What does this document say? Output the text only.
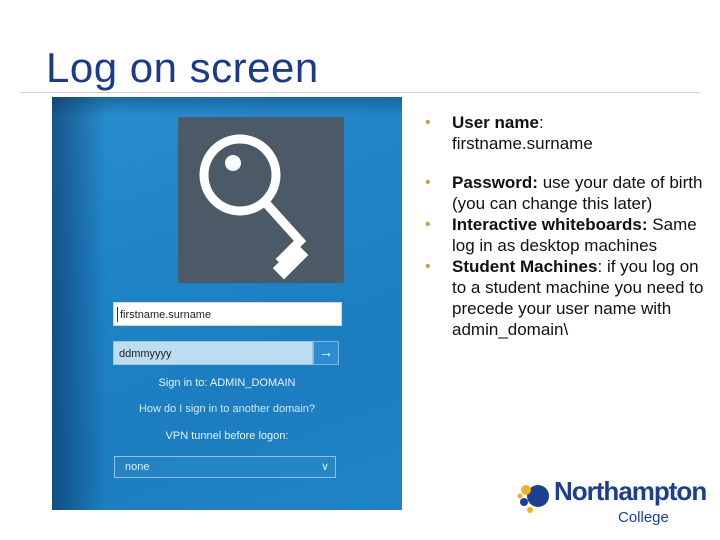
Log on screen
firstname.surname
ddmmyyyy	→
Sign in to: ADMIN_DOMAIN
How do I sign in to another domain?
VPN tunnel before logon:
none	∨
• User name:
firstname.surname
• Password: use your date of birth (you can change this later)
• Interactive whiteboards: Same log in as desktop machines
• Student Machines: if you log on to a student machine you need to precede your user name with admin_domain\
Northampton
College
